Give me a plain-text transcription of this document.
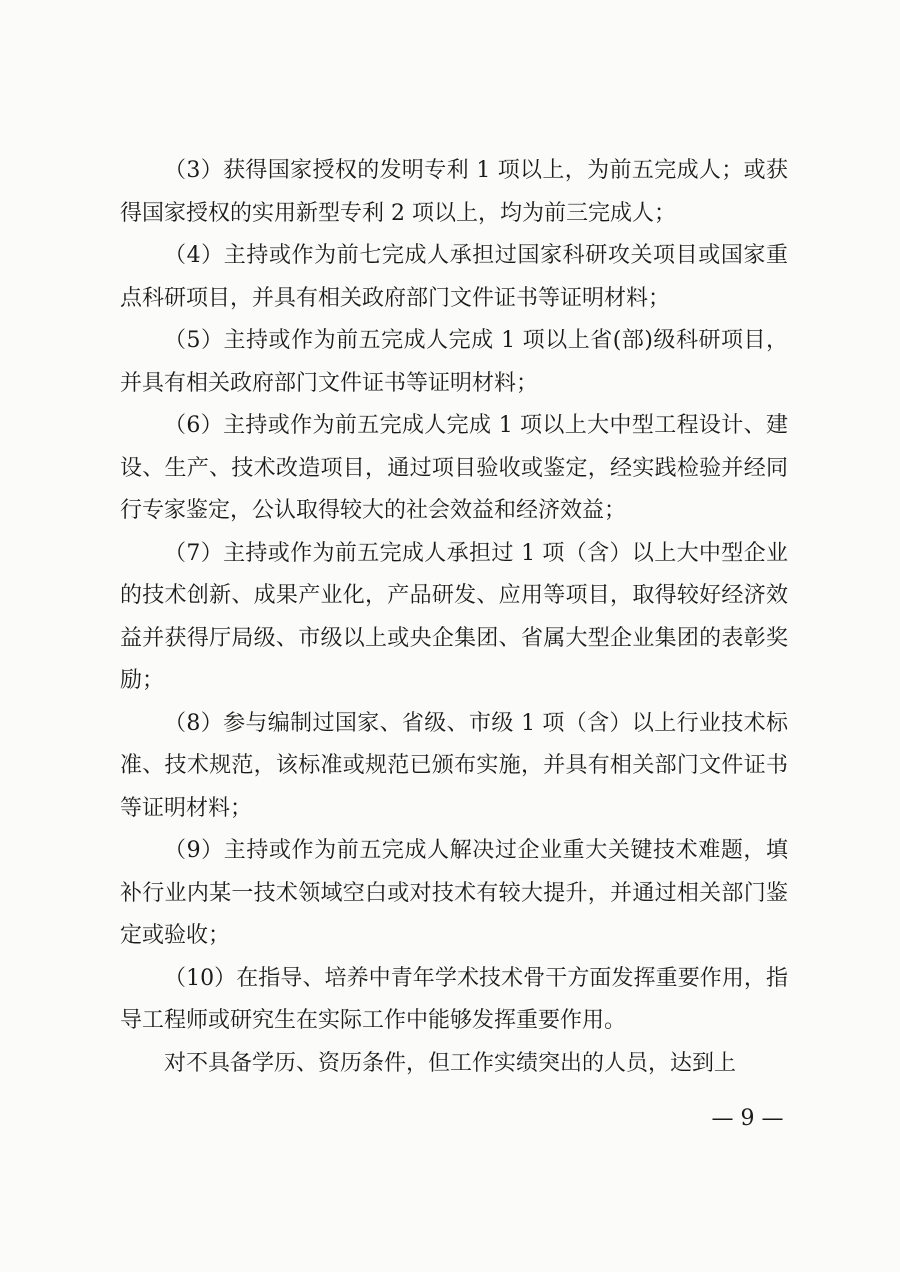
（3）获得国家授权的发明专利 1 项以上，为前五完成人；或获得国家授权的实用新型专利 2 项以上，均为前三完成人；

（4）主持或作为前七完成人承担过国家科研攻关项目或国家重点科研项目，并具有相关政府部门文件证书等证明材料；

（5）主持或作为前五完成人完成 1 项以上省(部)级科研项目，并具有相关政府部门文件证书等证明材料；

（6）主持或作为前五完成人完成 1 项以上大中型工程设计、建设、生产、技术改造项目，通过项目验收或鉴定，经实践检验并经同行专家鉴定，公认取得较大的社会效益和经济效益；

（7）主持或作为前五完成人承担过 1 项（含）以上大中型企业的技术创新、成果产业化，产品研发、应用等项目，取得较好经济效益并获得厅局级、市级以上或央企集团、省属大型企业集团的表彰奖励；

（8）参与编制过国家、省级、市级 1 项（含）以上行业技术标准、技术规范，该标准或规范已颁布实施，并具有相关部门文件证书等证明材料；

（9）主持或作为前五完成人解决过企业重大关键技术难题，填补行业内某一技术领域空白或对技术有较大提升，并通过相关部门鉴定或验收；

（10）在指导、培养中青年学术技术骨干方面发挥重要作用，指导工程师或研究生在实际工作中能够发挥重要作用。

对不具备学历、资历条件，但工作实绩突出的人员，达到上

— 9 —
